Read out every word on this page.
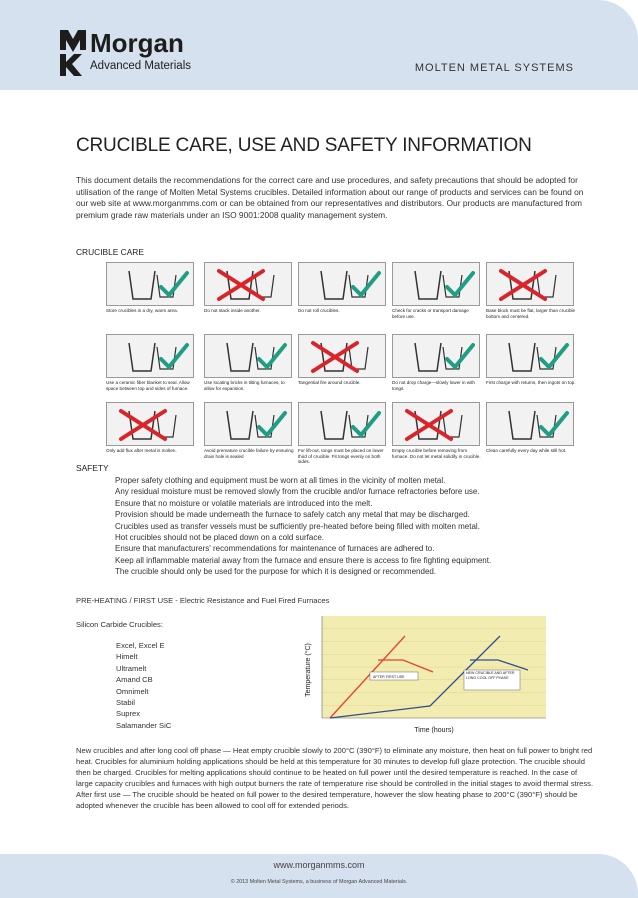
Morgan
Advanced Materials	MOLTEN METAL SYSTEMS
CRUCIBLE CARE, USE AND SAFETY INFORMATION
This document details the recommendations for the correct care and use procedures, and safety precautions that should be adopted for utilisation of the range of Molten Metal Systems crucibles. Detailed information about our range of products and services can be found on our web site at www.morganmms.com or can be obtained from our representatives and distributors. Our products are manufactured from premium grade raw materials under an ISO 9001:2008 quality management system.
CRUCIBLE CARE
Store crucibles in a dry, warm area.	Do not stack inside another.	Do not roll crucibles.	Check for cracks or transport damage before use.
Base block must be flat, larger than crucible bottom and centered.
Use a ceramic fiber blanket to seal. Allow space between top and sides of furnace.
Use locating bricks in tilting furnaces, to allow for expansion.
Tangential fire around crucible.	Do not drop charge—slowly lower in with tongs.
First charge with returns, then ingots on top.
Only add flux after metal is molten.	Avoid premature crucible failure by ensuring drain hole is sealed
For lift-out, tongs must be placed on lower third of crucible. Fit tongs evenly on both sides.
Empty crucible before removing from furnace. Do not let metal solidify in crucible.
Clean carefully every day while still hot.
SAFETY
Proper safety clothing and equipment must be worn at all times in the vicinity of molten metal.
Any residual moisture must be removed slowly from the crucible and/or furnace refractories before use.
Ensure that no moisture or volatile materials are introduced into the melt.
Provision should be made underneath the furnace to safely catch any metal that may be discharged.
Crucibles used as transfer vessels must be sufficiently pre-heated before being filled with molten metal.
Hot crucibles should not be placed down on a cold surface.
Ensure that manufacturers' recommendations for maintenance of furnaces are adhered to.
Keep all inflammable material away from the furnace and ensure there is access to fire fighting equipment.
The crucible should only be used for the purpose for which it is designed or recommended.
PRE-HEATING / FIRST USE - Electric Resistance and Fuel Fired Furnaces
Silicon Carbide Crucibles:
Excel, Excel E
Himelt
Ultramelt
Amand CB
Omnimelt
Stabil
Suprex
Salamander SiC
AFTER FIRST USE
NEW CRUCIBLE AND AFTER LONG COOL OFF PHASE
Temperature (°C)
Time (hours)
New crucibles and after long cool off phase — Heat empty crucible slowly to 200°C (390°F) to eliminate any moisture, then heat on full power to bright red heat. Crucibles for aluminium holding applications should be held at this temperature for 30 minutes to develop full glaze protection. The crucible should then be charged. Crucibles for melting applications should continue to be heated on full power until the desired temperature is reached. In the case of large capacity crucibles and furnaces with high output burners the rate of temperature rise should be controlled in the initial stages to avoid thermal stress.
After first use — The crucible should be heated on full power to the desired temperature, however the slow heating phase to 200°C (390°F) should be adopted whenever the crucible has been allowed to cool off for extended periods.
www.morganmms.com
© 2013 Molten Metal Systems, a business of Morgan Advanced Materials.
